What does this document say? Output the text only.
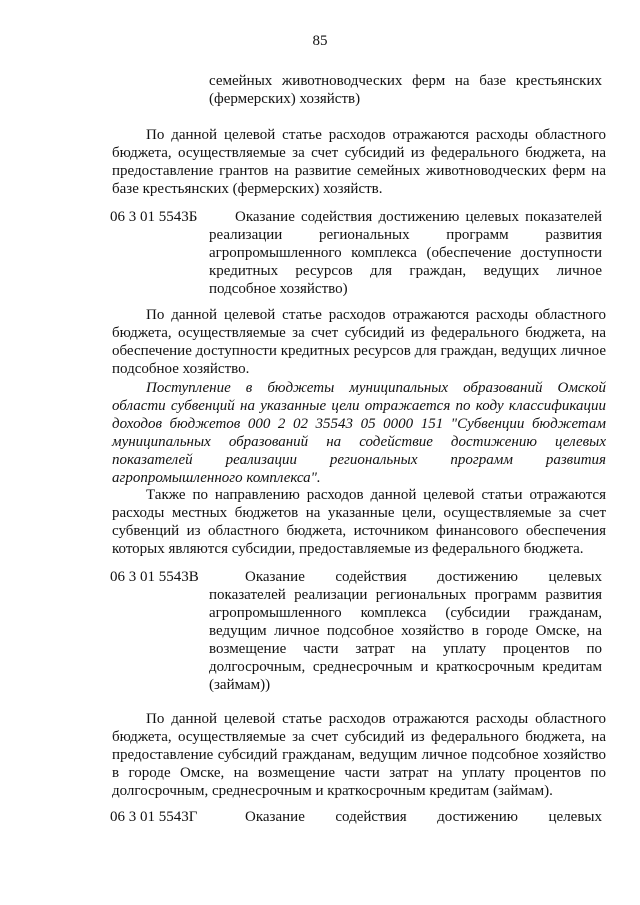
85

семейных животноводческих ферм на базе крестьянских (фермерских) хозяйств)

По данной целевой статье расходов отражаются расходы областного бюджета, осуществляемые за счет субсидий из федерального бюджета, на предоставление грантов на развитие семейных животноводческих ферм на базе крестьянских (фермерских) хозяйств.

06 3 01 5543Б	Оказание содействия достижению целевых показателей реализации региональных программ развития агропромышленного комплекса (обеспечение доступности кредитных ресурсов для граждан, ведущих личное подсобное хозяйство)

По данной целевой статье расходов отражаются расходы областного бюджета, осуществляемые за счет субсидий из федерального бюджета, на обеспечение доступности кредитных ресурсов для граждан, ведущих личное подсобное хозяйство.

Поступление в бюджеты муниципальных образований Омской области субвенций на указанные цели отражается по коду классификации доходов бюджетов 000 2 02 35543 05 0000 151 "Субвенции бюджетам муниципальных образований на содействие достижению целевых показателей реализации региональных программ развития агропромышленного комплекса".

Также по направлению расходов данной целевой статьи отражаются расходы местных бюджетов на указанные цели, осуществляемые за счет субвенций из областного бюджета, источником финансового обеспечения которых являются субсидии, предоставляемые из федерального бюджета.

06 3 01 5543В	Оказание содействия достижению целевых показателей реализации региональных программ развития агропромышленного комплекса (субсидии гражданам, ведущим личное подсобное хозяйство в городе Омске, на возмещение части затрат на уплату процентов по долгосрочным, среднесрочным и краткосрочным кредитам (займам))

По данной целевой статье расходов отражаются расходы областного бюджета, осуществляемые за счет субсидий из федерального бюджета, на предоставление субсидий гражданам, ведущим личное подсобное хозяйство в городе Омске, на возмещение части затрат на уплату процентов по долгосрочным, среднесрочным и краткосрочным кредитам (займам).

06 3 01 5543Г	Оказание содействия достижению целевых
